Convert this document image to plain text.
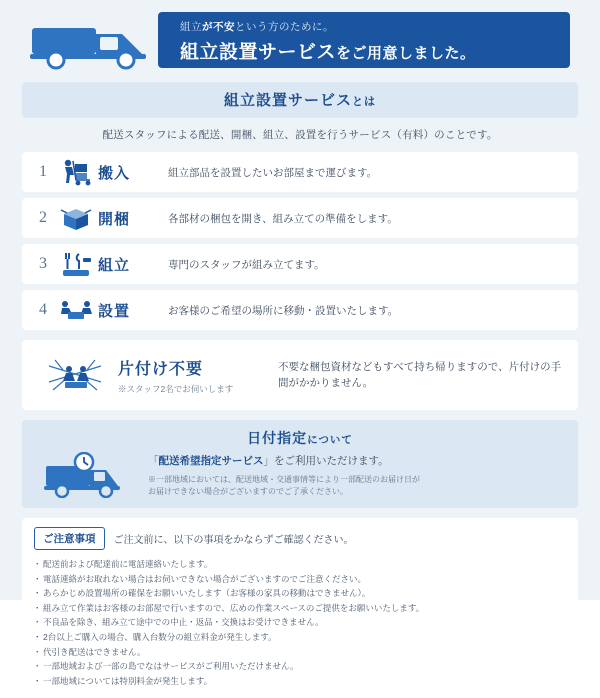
組立が不安という方のために。
組立設置サービスをご用意しました。
組立設置サービスとは
配送スタッフによる配送、開梱、組立、設置を行うサービス（有料）のことです。
1	搬入	組立部品を設置したいお部屋まで運びます。
2	開梱	各部材の梱包を開き、組み立ての準備をします。
3	組立	専門のスタッフが組み立てます。
4	設置	お客様のご希望の場所に移動・設置いたします。
片付け不要
※スタッフ2名でお伺いします
不要な梱包資材などもすべて持ち帰りますので、片付けの手間がかかりません。
日付指定について
「配送希望指定サービス」をご利用いただけます。
※一部地域においては、配送地域・交通事情等により一部配送のお届け日が
お届けできない場合がございますのでご了承ください。
ご注意事項	ご注文前に、以下の事項をかならずご確認ください。
・ 配送前および配達前に電話連絡いたします。
・ 電話連絡がお取れない場合はお伺いできない場合がございますのでご注意ください。
・ あらかじめ設置場所の確保をお願いいたします（お客様の家具の移動はできません）。
・ 組み立て作業はお客様のお部屋で行いますので、広めの作業スペースのご提供をお願いいたします。
・ 不良品を除き、組み立て途中での中止・返品・交換はお受けできません。
・ 2台以上ご購入の場合、購入台数分の組立料金が発生します。
・ 代引き配送はできません。
・ 一部地域および一部の島でなはサービスがご利用いただけません。
・ 一部地域については特別料金が発生します。
